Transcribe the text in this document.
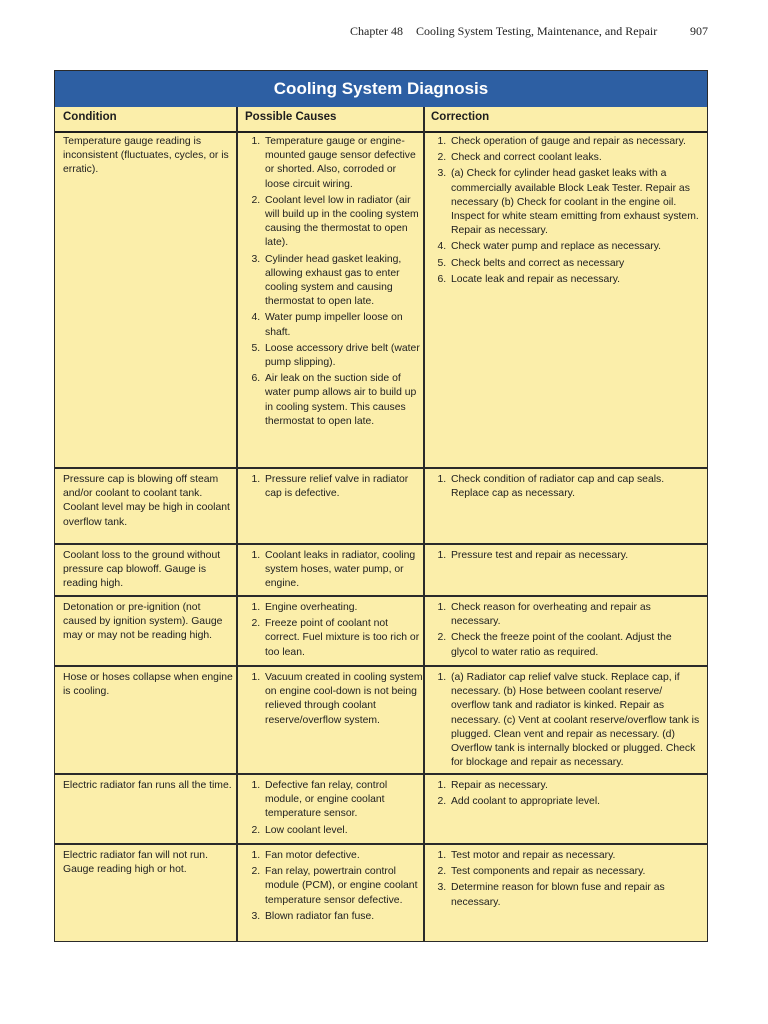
Chapter 48 Cooling System Testing, Maintenance, and Repair	907
Cooling System Diagnosis
Condition	Possible Causes	Correction
Temperature gauge reading is inconsistent (fluctuates, cycles, or is erratic).
1. Temperature gauge or engine-mounted gauge sensor defective or shorted. Also, corroded or loose circuit wiring.
2. Coolant level low in radiator (air will build up in the cooling system causing the thermostat to open late).
3. Cylinder head gasket leaking, allowing exhaust gas to enter cooling system and causing thermostat to open late.
4. Water pump impeller loose on shaft.
5. Loose accessory drive belt (water pump slipping).
6. Air leak on the suction side of water pump allows air to build up in cooling system. This causes thermostat to open late.
1. Check operation of gauge and repair as necessary.
2. Check and correct coolant leaks.
3. (a) Check for cylinder head gasket leaks with a commercially available Block Leak Tester. Repair as necessary (b) Check for coolant in the engine oil. Inspect for white steam emitting from exhaust system. Repair as necessary.
4. Check water pump and replace as necessary.
5. Check belts and correct as necessary
6. Locate leak and repair as necessary.
Pressure cap is blowing off steam and/or coolant to coolant tank. Coolant level may be high in coolant overflow tank.
1. Pressure relief valve in radiator cap is defective.
1. Check condition of radiator cap and cap seals. Replace cap as necessary.
Coolant loss to the ground without pressure cap blowoff. Gauge is reading high.
1. Coolant leaks in radiator, cooling system hoses, water pump, or engine.
1. Pressure test and repair as necessary.
Detonation or pre-ignition (not caused by ignition system). Gauge may or may not be reading high.
1. Engine overheating.
2. Freeze point of coolant not correct. Fuel mixture is too rich or too lean.
1. Check reason for overheating and repair as necessary.
2. Check the freeze point of the coolant. Adjust the glycol to water ratio as required.
Hose or hoses collapse when engine is cooling.
1. Vacuum created in cooling system on engine cool-down is not being relieved through coolant reserve/overflow system.
1. (a) Radiator cap relief valve stuck. Replace cap, if necessary. (b) Hose between coolant reserve/ overflow tank and radiator is kinked. Repair as necessary. (c) Vent at coolant reserve/overflow tank is plugged. Clean vent and repair as necessary. (d) Overflow tank is internally blocked or plugged. Check for blockage and repair as necessary.
Electric radiator fan runs all the time.
1.	Defective fan relay, control module, or engine coolant temperature sensor.
2. Low coolant level.
1. Repair as necessary.
2. Add coolant to appropriate level.
Electric radiator fan will not run. Gauge reading high or hot.
1. Fan motor defective.
2. Fan relay, powertrain control module (PCM), or engine coolant temperature sensor defective.
3. Blown radiator fan fuse.
1. Test motor and repair as necessary.
2. Test components and repair as necessary.
3. Determine reason for blown fuse and repair as necessary.
